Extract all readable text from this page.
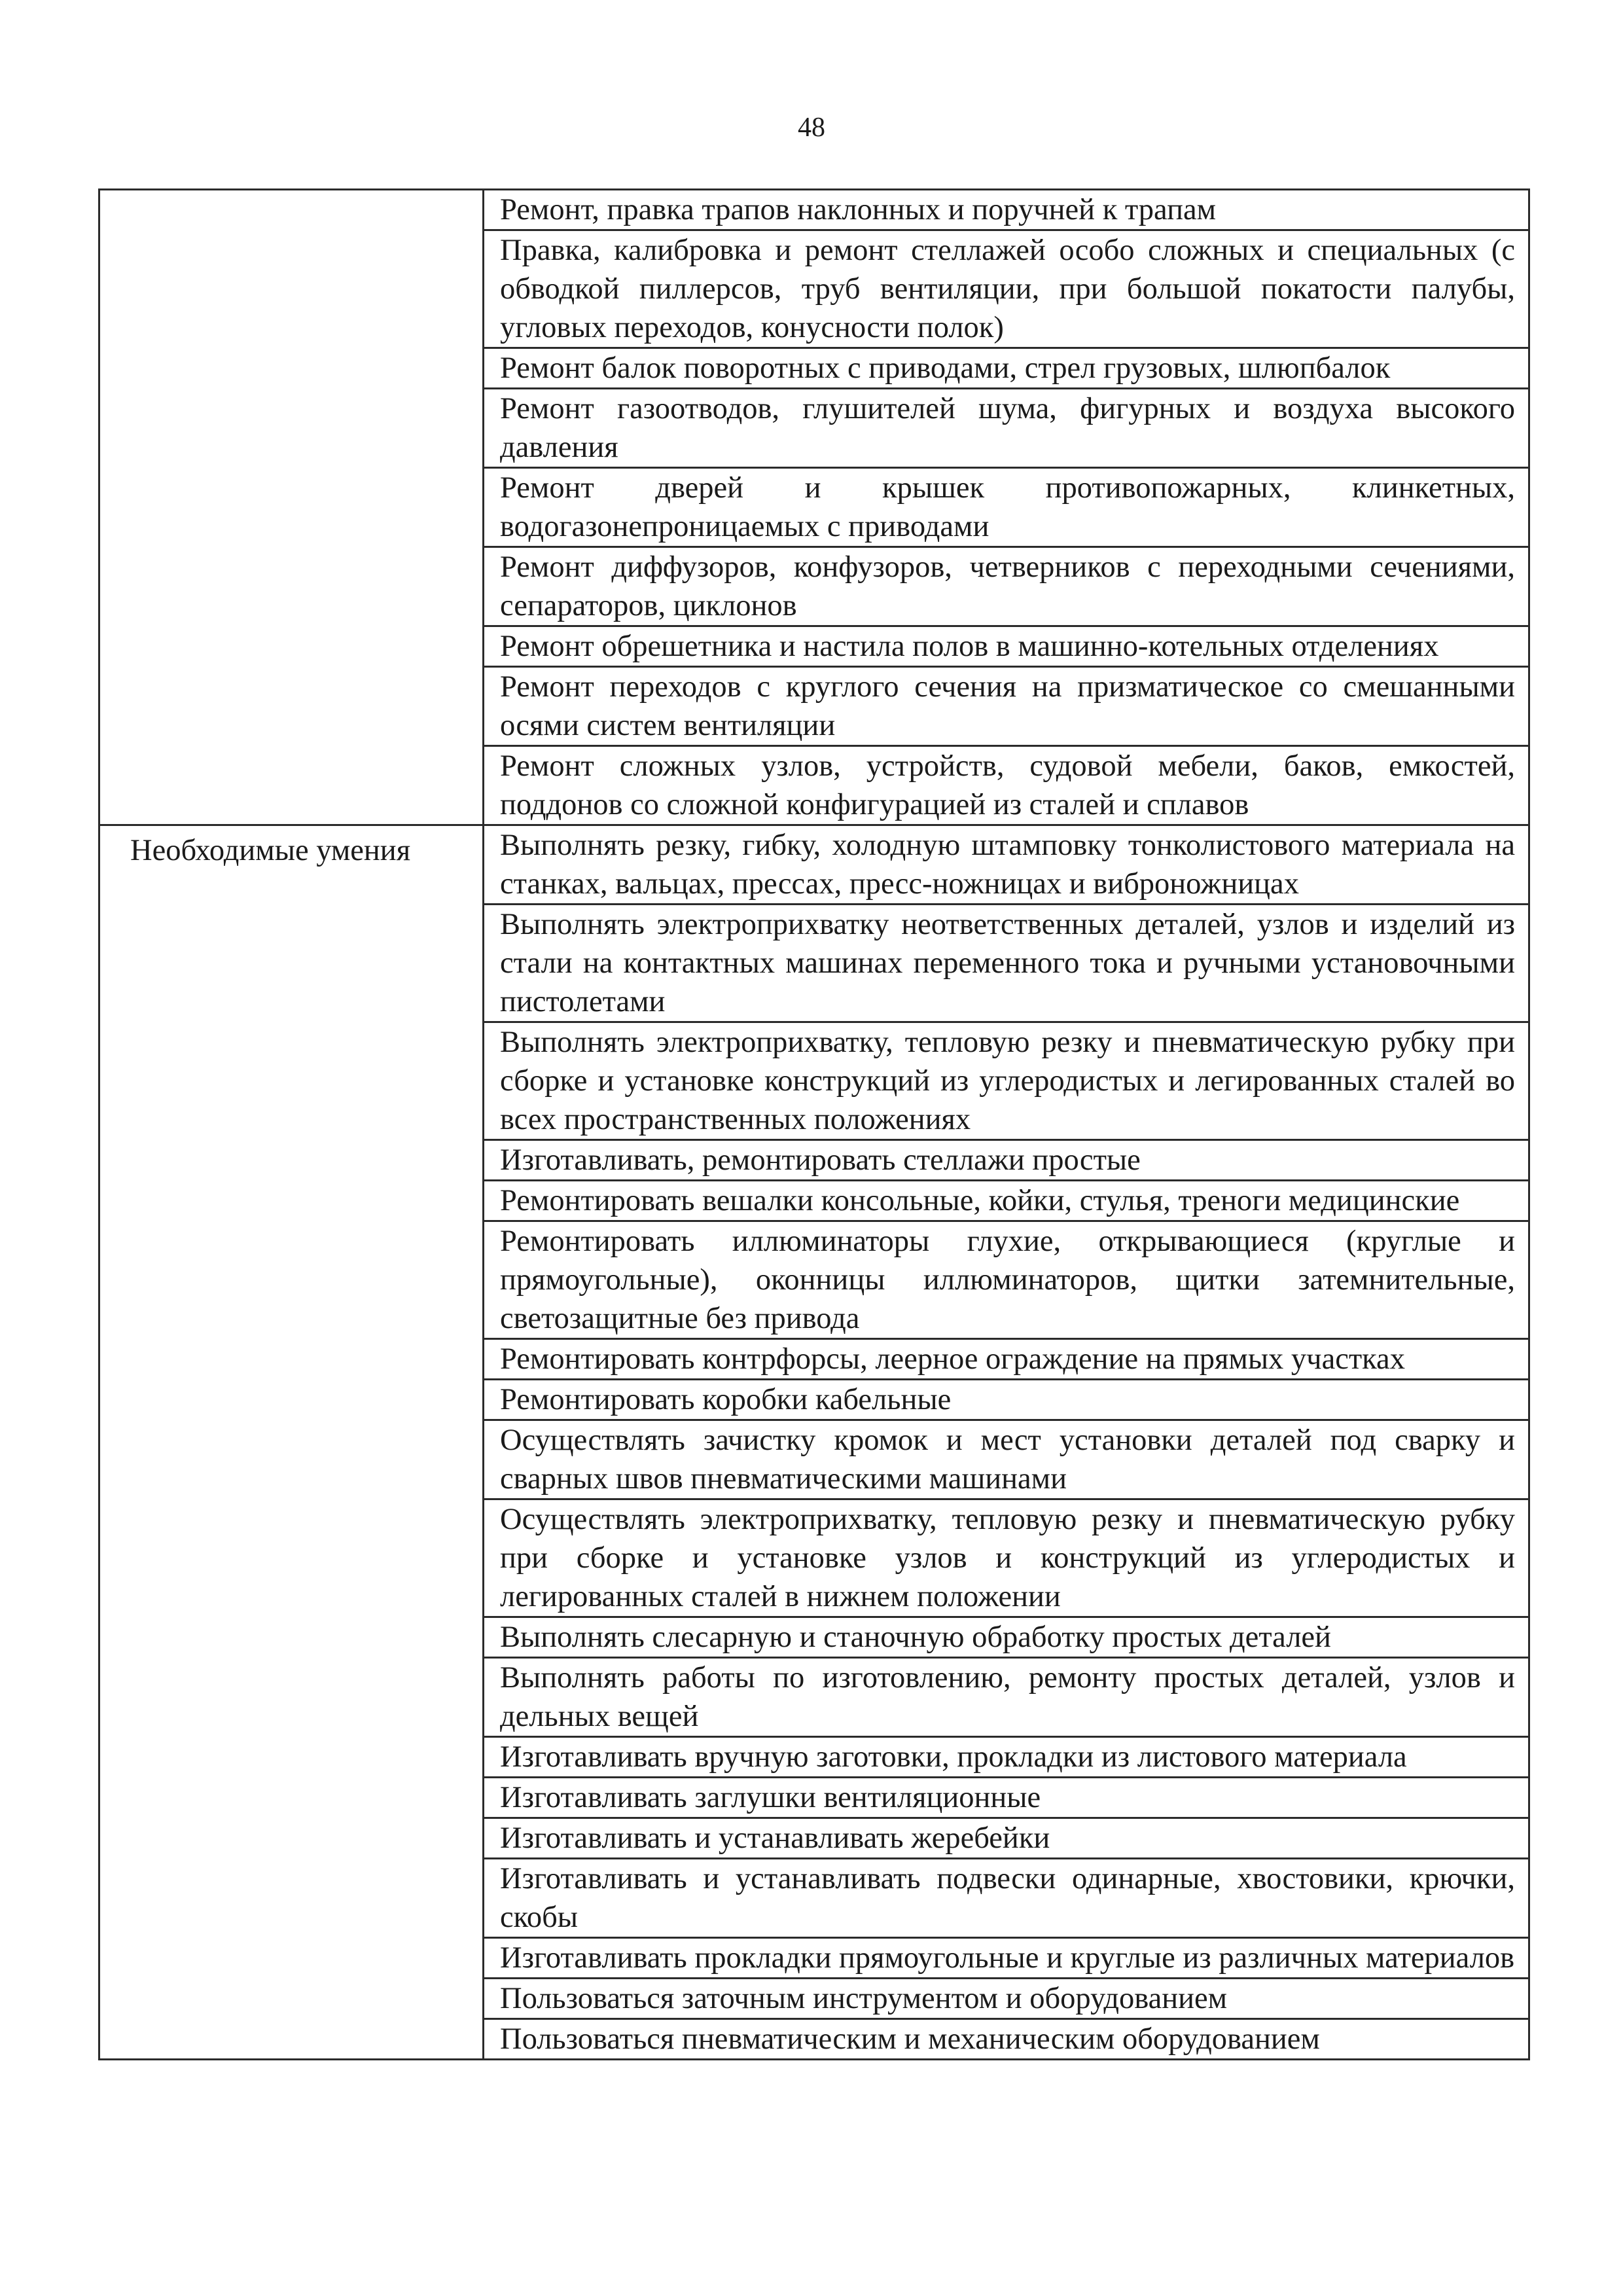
48
	Ремонт, правка трапов наклонных и поручней к трапам
	Правка, калибровка и ремонт стеллажей особо сложных и специальных (с обводкой пиллерсов, труб вентиляции, при большой покатости палубы, угловых переходов, конусности полок)
	Ремонт балок поворотных с приводами, стрел грузовых, шлюпбалок
	Ремонт газоотводов, глушителей шума, фигурных и воздуха высокого давления
	Ремонт дверей и крышек противопожарных, клинкетных, водогазонепроницаемых с приводами
	Ремонт диффузоров, конфузоров, четверников с переходными сечениями, сепараторов, циклонов
	Ремонт обрешетника и настила полов в машинно-котельных отделениях
	Ремонт переходов с круглого сечения на призматическое со смешанными осями систем вентиляции
	Ремонт сложных узлов, устройств, судовой мебели, баков, емкостей, поддонов со сложной конфигурацией из сталей и сплавов
Необходимые умения	Выполнять резку, гибку, холодную штамповку тонколистового материала на станках, вальцах, прессах, пресс-ножницах и виброножницах
	Выполнять электроприхватку неответственных деталей, узлов и изделий из стали на контактных машинах переменного тока и ручными установочными пистолетами
	Выполнять электроприхватку, тепловую резку и пневматическую рубку при сборке и установке конструкций из углеродистых и легированных сталей во всех пространственных положениях
	Изготавливать, ремонтировать стеллажи простые
	Ремонтировать вешалки консольные, койки, стулья, треноги медицинские
	Ремонтировать иллюминаторы глухие, открывающиеся (круглые и прямоугольные), оконницы иллюминаторов, щитки затемнительные, светозащитные без привода
	Ремонтировать контрфорсы, леерное ограждение на прямых участках
	Ремонтировать коробки кабельные
	Осуществлять зачистку кромок и мест установки деталей под сварку и сварных швов пневматическими машинами
	Осуществлять электроприхватку, тепловую резку и пневматическую рубку при сборке и установке узлов и конструкций из углеродистых и легированных сталей в нижнем положении
	Выполнять слесарную и станочную обработку простых деталей
	Выполнять работы по изготовлению, ремонту простых деталей, узлов и дельных вещей
	Изготавливать вручную заготовки, прокладки из листового материала
	Изготавливать заглушки вентиляционные
	Изготавливать и устанавливать жеребейки
	Изготавливать и устанавливать подвески одинарные, хвостовики, крючки, скобы
	Изготавливать прокладки прямоугольные и круглые из различных материалов
	Пользоваться заточным инструментом и оборудованием
	Пользоваться пневматическим и механическим оборудованием
